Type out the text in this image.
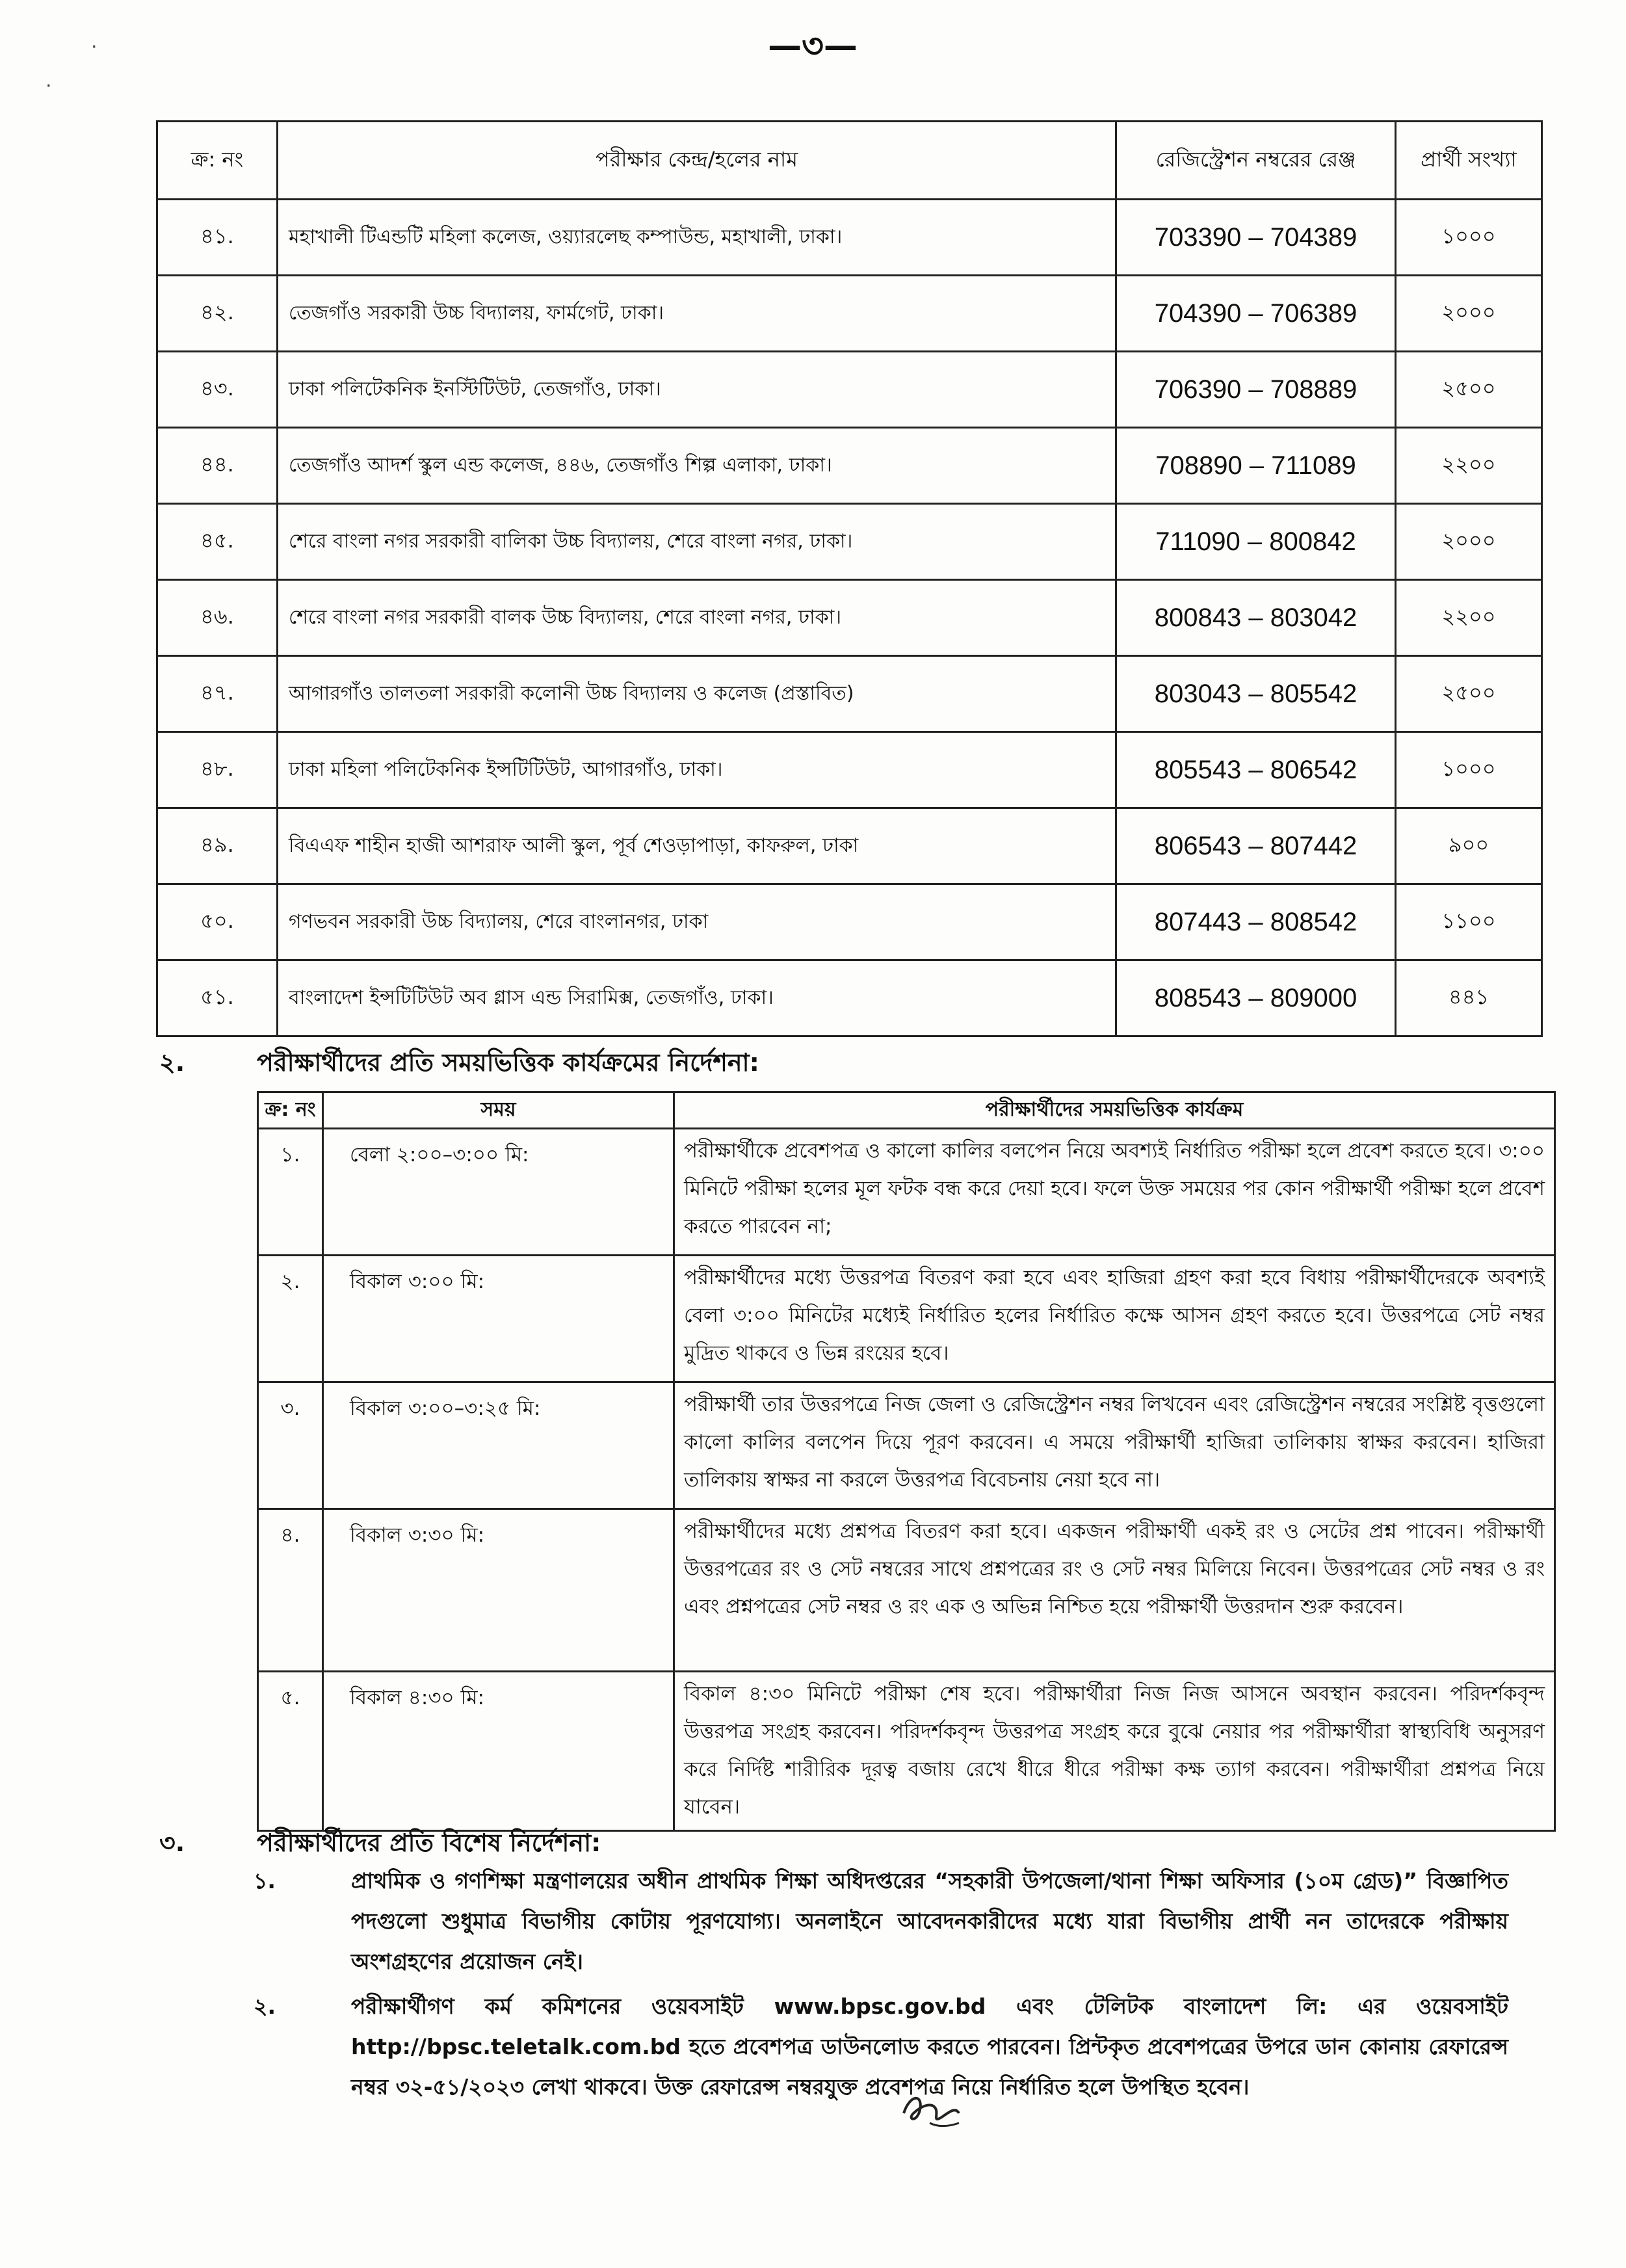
—৩—
·
·
ক্র: নং	পরীক্ষার কেন্দ্র/হলের নাম	রেজিস্ট্রেশন নম্বরের রেঞ্জ	প্রার্থী সংখ্যা
৪১.	মহাখালী টিএন্ডটি মহিলা কলেজ, ওয়্যারলেছ কম্পাউন্ড, মহাখালী, ঢাকা।	703390 – 704389	১০০০
৪২.	তেজগাঁও সরকারী উচ্চ বিদ্যালয়, ফার্মগেট, ঢাকা।	704390 – 706389	২০০০
৪৩.	ঢাকা পলিটেকনিক ইনস্টিটিউট, তেজগাঁও, ঢাকা।	706390 – 708889	২৫০০
৪৪.	তেজগাঁও আদর্শ স্কুল এন্ড কলেজ, ৪৪৬, তেজগাঁও শিল্প এলাকা, ঢাকা।	708890 – 711089	২২০০
৪৫.	শেরে বাংলা নগর সরকারী বালিকা উচ্চ বিদ্যালয়, শেরে বাংলা নগর, ঢাকা।	711090 – 800842	২০০০
৪৬.	শেরে বাংলা নগর সরকারী বালক উচ্চ বিদ্যালয়, শেরে বাংলা নগর, ঢাকা।	800843 – 803042	২২০০
৪৭.	আগারগাঁও তালতলা সরকারী কলোনী উচ্চ বিদ্যালয় ও কলেজ (প্রস্তাবিত)	803043 – 805542	২৫০০
৪৮.	ঢাকা মহিলা পলিটেকনিক ইন্সটিটিউট, আগারগাঁও, ঢাকা।	805543 – 806542	১০০০
৪৯.	বিএএফ শাহীন হাজী আশরাফ আলী স্কুল, পূর্ব শেওড়াপাড়া, কাফরুল, ঢাকা	806543 – 807442	৯০০
৫০.	গণভবন সরকারী উচ্চ বিদ্যালয়, শেরে বাংলানগর, ঢাকা	807443 – 808542	১১০০
৫১.	বাংলাদেশ ইন্সটিটিউট অব গ্লাস এন্ড সিরামিক্স, তেজগাঁও, ঢাকা।	808543 – 809000	৪৪১
২.	পরীক্ষার্থীদের প্রতি সময়ভিত্তিক কার্যক্রমের নির্দেশনা:
ক্র: নং	সময়	পরীক্ষার্থীদের সময়ভিত্তিক কার্যক্রম
১.	বেলা ২:০০–৩:০০ মি:	পরীক্ষার্থীকে প্রবেশপত্র ও কালো কালির বলপেন নিয়ে অবশ্যই নির্ধারিত পরীক্ষা হলে প্রবেশ করতে হবে। ৩:০০ মিনিটে পরীক্ষা হলের মূল ফটক বন্ধ করে দেয়া হবে। ফলে উক্ত সময়ের পর কোন পরীক্ষার্থী পরীক্ষা হলে প্রবেশ করতে পারবেন না;
২.	বিকাল ৩:০০ মি:	পরীক্ষার্থীদের মধ্যে উত্তরপত্র বিতরণ করা হবে এবং হাজিরা গ্রহণ করা হবে বিধায় পরীক্ষার্থীদেরকে অবশ্যই বেলা ৩:০০ মিনিটের মধ্যেই নির্ধারিত হলের নির্ধারিত কক্ষে আসন গ্রহণ করতে হবে। উত্তরপত্রে সেট নম্বর মুদ্রিত থাকবে ও ভিন্ন রংয়ের হবে।
৩.	বিকাল ৩:০০–৩:২৫ মি:	পরীক্ষার্থী তার উত্তরপত্রে নিজ জেলা ও রেজিস্ট্রেশন নম্বর লিখবেন এবং রেজিস্ট্রেশন নম্বরের সংশ্লিষ্ট বৃত্তগুলো কালো কালির বলপেন দিয়ে পূরণ করবেন। এ সময়ে পরীক্ষার্থী হাজিরা তালিকায় স্বাক্ষর করবেন। হাজিরা তালিকায় স্বাক্ষর না করলে উত্তরপত্র বিবেচনায় নেয়া হবে না।
৪.	বিকাল ৩:৩০ মি:	পরীক্ষার্থীদের মধ্যে প্রশ্নপত্র বিতরণ করা হবে। একজন পরীক্ষার্থী একই রং ও সেটের প্রশ্ন পাবেন। পরীক্ষার্থী উত্তরপত্রের রং ও সেট নম্বরের সাথে প্রশ্নপত্রের রং ও সেট নম্বর মিলিয়ে নিবেন। উত্তরপত্রের সেট নম্বর ও রং এবং প্রশ্নপত্রের সেট নম্বর ও রং এক ও অভিন্ন নিশ্চিত হয়ে পরীক্ষার্থী উত্তরদান শুরু করবেন।
৫.	বিকাল ৪:৩০ মি:	বিকাল ৪:৩০ মিনিটে পরীক্ষা শেষ হবে। পরীক্ষার্থীরা নিজ নিজ আসনে অবস্থান করবেন। পরিদর্শকবৃন্দ উত্তরপত্র সংগ্রহ করবেন। পরিদর্শকবৃন্দ উত্তরপত্র সংগ্রহ করে বুঝে নেয়ার পর পরীক্ষার্থীরা স্বাস্থ্যবিধি অনুসরণ করে নির্দিষ্ট শারীরিক দূরত্ব বজায় রেখে ধীরে ধীরে পরীক্ষা কক্ষ ত্যাগ করবেন। পরীক্ষার্থীরা প্রশ্নপত্র নিয়ে যাবেন।
৩.	পরীক্ষার্থীদের প্রতি বিশেষ নির্দেশনা:
১.	প্রাথমিক ও গণশিক্ষা মন্ত্রণালয়ের অধীন প্রাথমিক শিক্ষা অধিদপ্তরের “সহকারী উপজেলা/থানা শিক্ষা অফিসার (১০ম গ্রেড)” বিজ্ঞাপিত পদগুলো শুধুমাত্র বিভাগীয় কোটায় পূরণযোগ্য। অনলাইনে আবেদনকারীদের মধ্যে যারা বিভাগীয় প্রার্থী নন তাদেরকে পরীক্ষায় অংশগ্রহণের প্রয়োজন নেই।
২.	পরীক্ষার্থীগণ কর্ম কমিশনের ওয়েবসাইট www.bpsc.gov.bd এবং টেলিটক বাংলাদেশ লি: এর ওয়েবসাইট http://bpsc.teletalk.com.bd হতে প্রবেশপত্র ডাউনলোড করতে পারবেন। প্রিন্টকৃত প্রবেশপত্রের উপরে ডান কোনায় রেফারেন্স নম্বর ৩২-৫১/২০২৩ লেখা থাকবে। উক্ত রেফারেন্স নম্বরযুক্ত প্রবেশপত্র নিয়ে নির্ধারিত হলে উপস্থিত হবেন।
